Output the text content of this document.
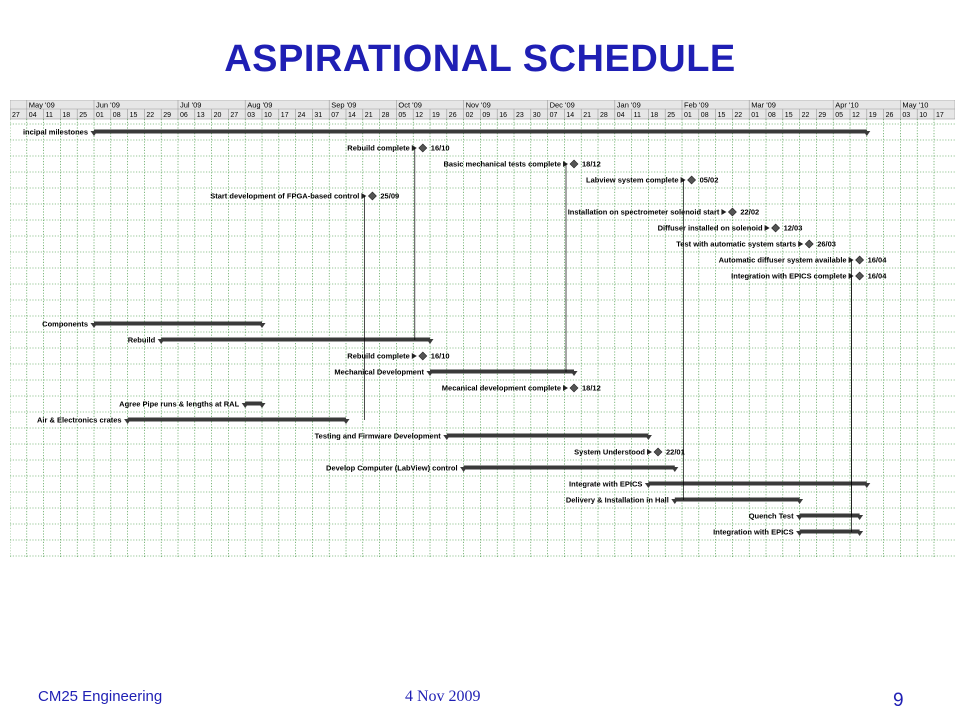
ASPIRATIONAL SCHEDULE
27 04 11 18 25 01 08 15 22 29 06 13 20 27 03 10 17 24 31 07 14 21 28 05 12 19 26 02 09 16 23 30 07 14 21 28 04 11 18 25 01 08 15 22 01 08 15 22 29 05 12 19 26 03 10 17
May '09	Jun '09	Jul '09	Aug '09	Sep '09	Oct '09	Nov '09	Dec '09	Jan '09	Feb '09	Mar '09	Apr '10	May '10
incipal milestones
Rebuild complete	16/10
Basic mechanical tests complete	18/12
Labview system complete	05/02
Start development of FPGA-based control	25/09
Installation on spectrometer solenoid start	22/02
Diffuser installed on solenoid	12/03
Test with automatic system starts	26/03
Automatic diffuser system available	16/04
Integration with EPICS complete	16/04
Components
Rebuild
Rebuild complete	16/10
Mechanical Development
Mecanical development complete	18/12
Agree Pipe runs & lengths at RAL
Air & Electronics crates
Testing and Firmware Development
System Understood	22/01
Develop Computer (LabView) control
Integrate with EPICS
Delivery & Installation in Hall
Quench Test
Integration with EPICS
CM25 Engineering	4 Nov 2009	9
